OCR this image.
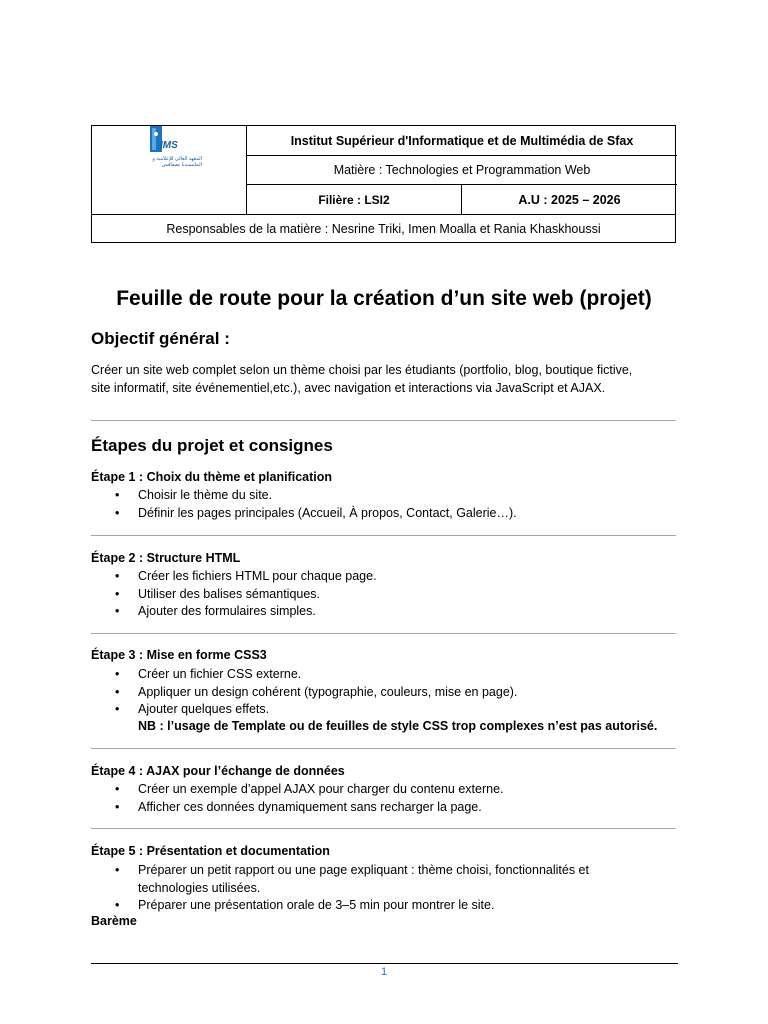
IMS
المعهد العالي للإعلامية و الملتيميديا بصفاقس
Institut Supérieur d'Informatique et de Multimédia de Sfax
Matière : Technologies et Programmation Web
Filière : LSI2	A.U : 2025 – 2026
Responsables de la matière : Nesrine Triki, Imen Moalla et Rania Khaskhoussi
Feuille de route pour la création d’un site web (projet)
Objectif général :
Créer un site web complet selon un thème choisi par les étudiants (portfolio, blog, boutique fictive,
site informatif, site événementiel,etc.), avec navigation et interactions via JavaScript et AJAX.
Étapes du projet et consignes
Étape 1 : Choix du thème et planification
• Choisir le thème du site.
• Définir les pages principales (Accueil, À propos, Contact, Galerie…).
Étape 2 : Structure HTML
• Créer les fichiers HTML pour chaque page.
• Utiliser des balises sémantiques.
• Ajouter des formulaires simples.
Étape 3 : Mise en forme CSS3
• Créer un fichier CSS externe.
• Appliquer un design cohérent (typographie, couleurs, mise en page).
• Ajouter quelques effets.
NB : l’usage de Template ou de feuilles de style CSS trop complexes n’est pas autorisé.
Étape 4 : AJAX pour l’échange de données
• Créer un exemple d’appel AJAX pour charger du contenu externe.
• Afficher ces données dynamiquement sans recharger la page.
Étape 5 : Présentation et documentation
• Préparer un petit rapport ou une page expliquant : thème choisi, fonctionnalités et
technologies utilisées.
• Préparer une présentation orale de 3–5 min pour montrer le site.
Barème
1
